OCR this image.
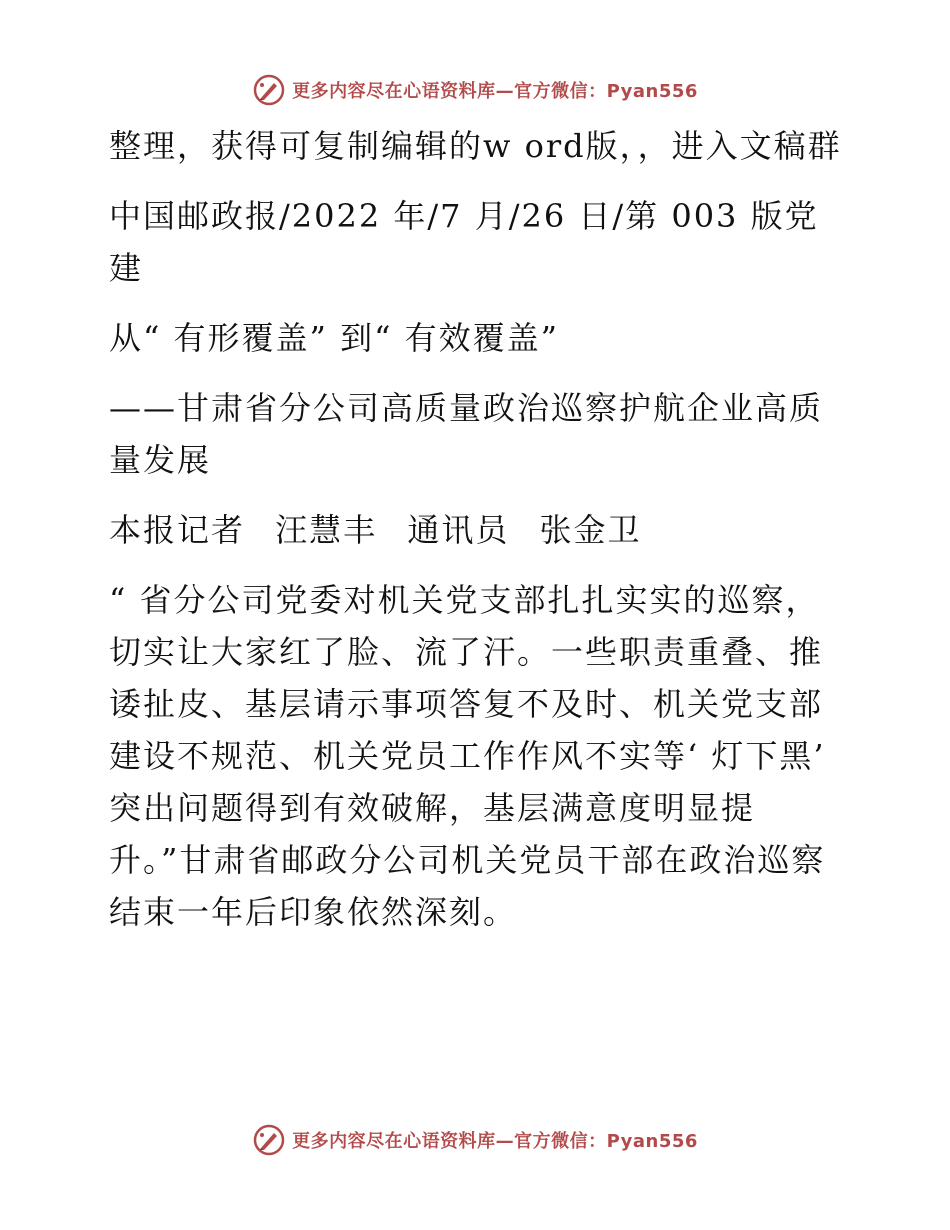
更多内容尽在心语资料库—官方微信：Pyan556

整理，获得可复制编辑的w ord版，，进入文稿群

中国邮政报/2022 年/7 月/26 日/第 003 版党建

从“ 有形覆盖” 到“ 有效覆盖”

——甘肃省分公司高质量政治巡察护航企业高质量发展

本报记者 汪慧丰 通讯员 张金卫

“ 省分公司党委对机关党支部扎扎实实的巡察，切实让大家红了脸、流了汗。一些职责重叠、推诿扯皮、基层请示事项答复不及时、机关党支部建设不规范、机关党员工作作风不实等‘ 灯下黑’ 突出问题得到有效破解，基层满意度明显提升。”甘肃省邮政分公司机关党员干部在政治巡察结束一年后印象依然深刻。

更多内容尽在心语资料库—官方微信：Pyan556
